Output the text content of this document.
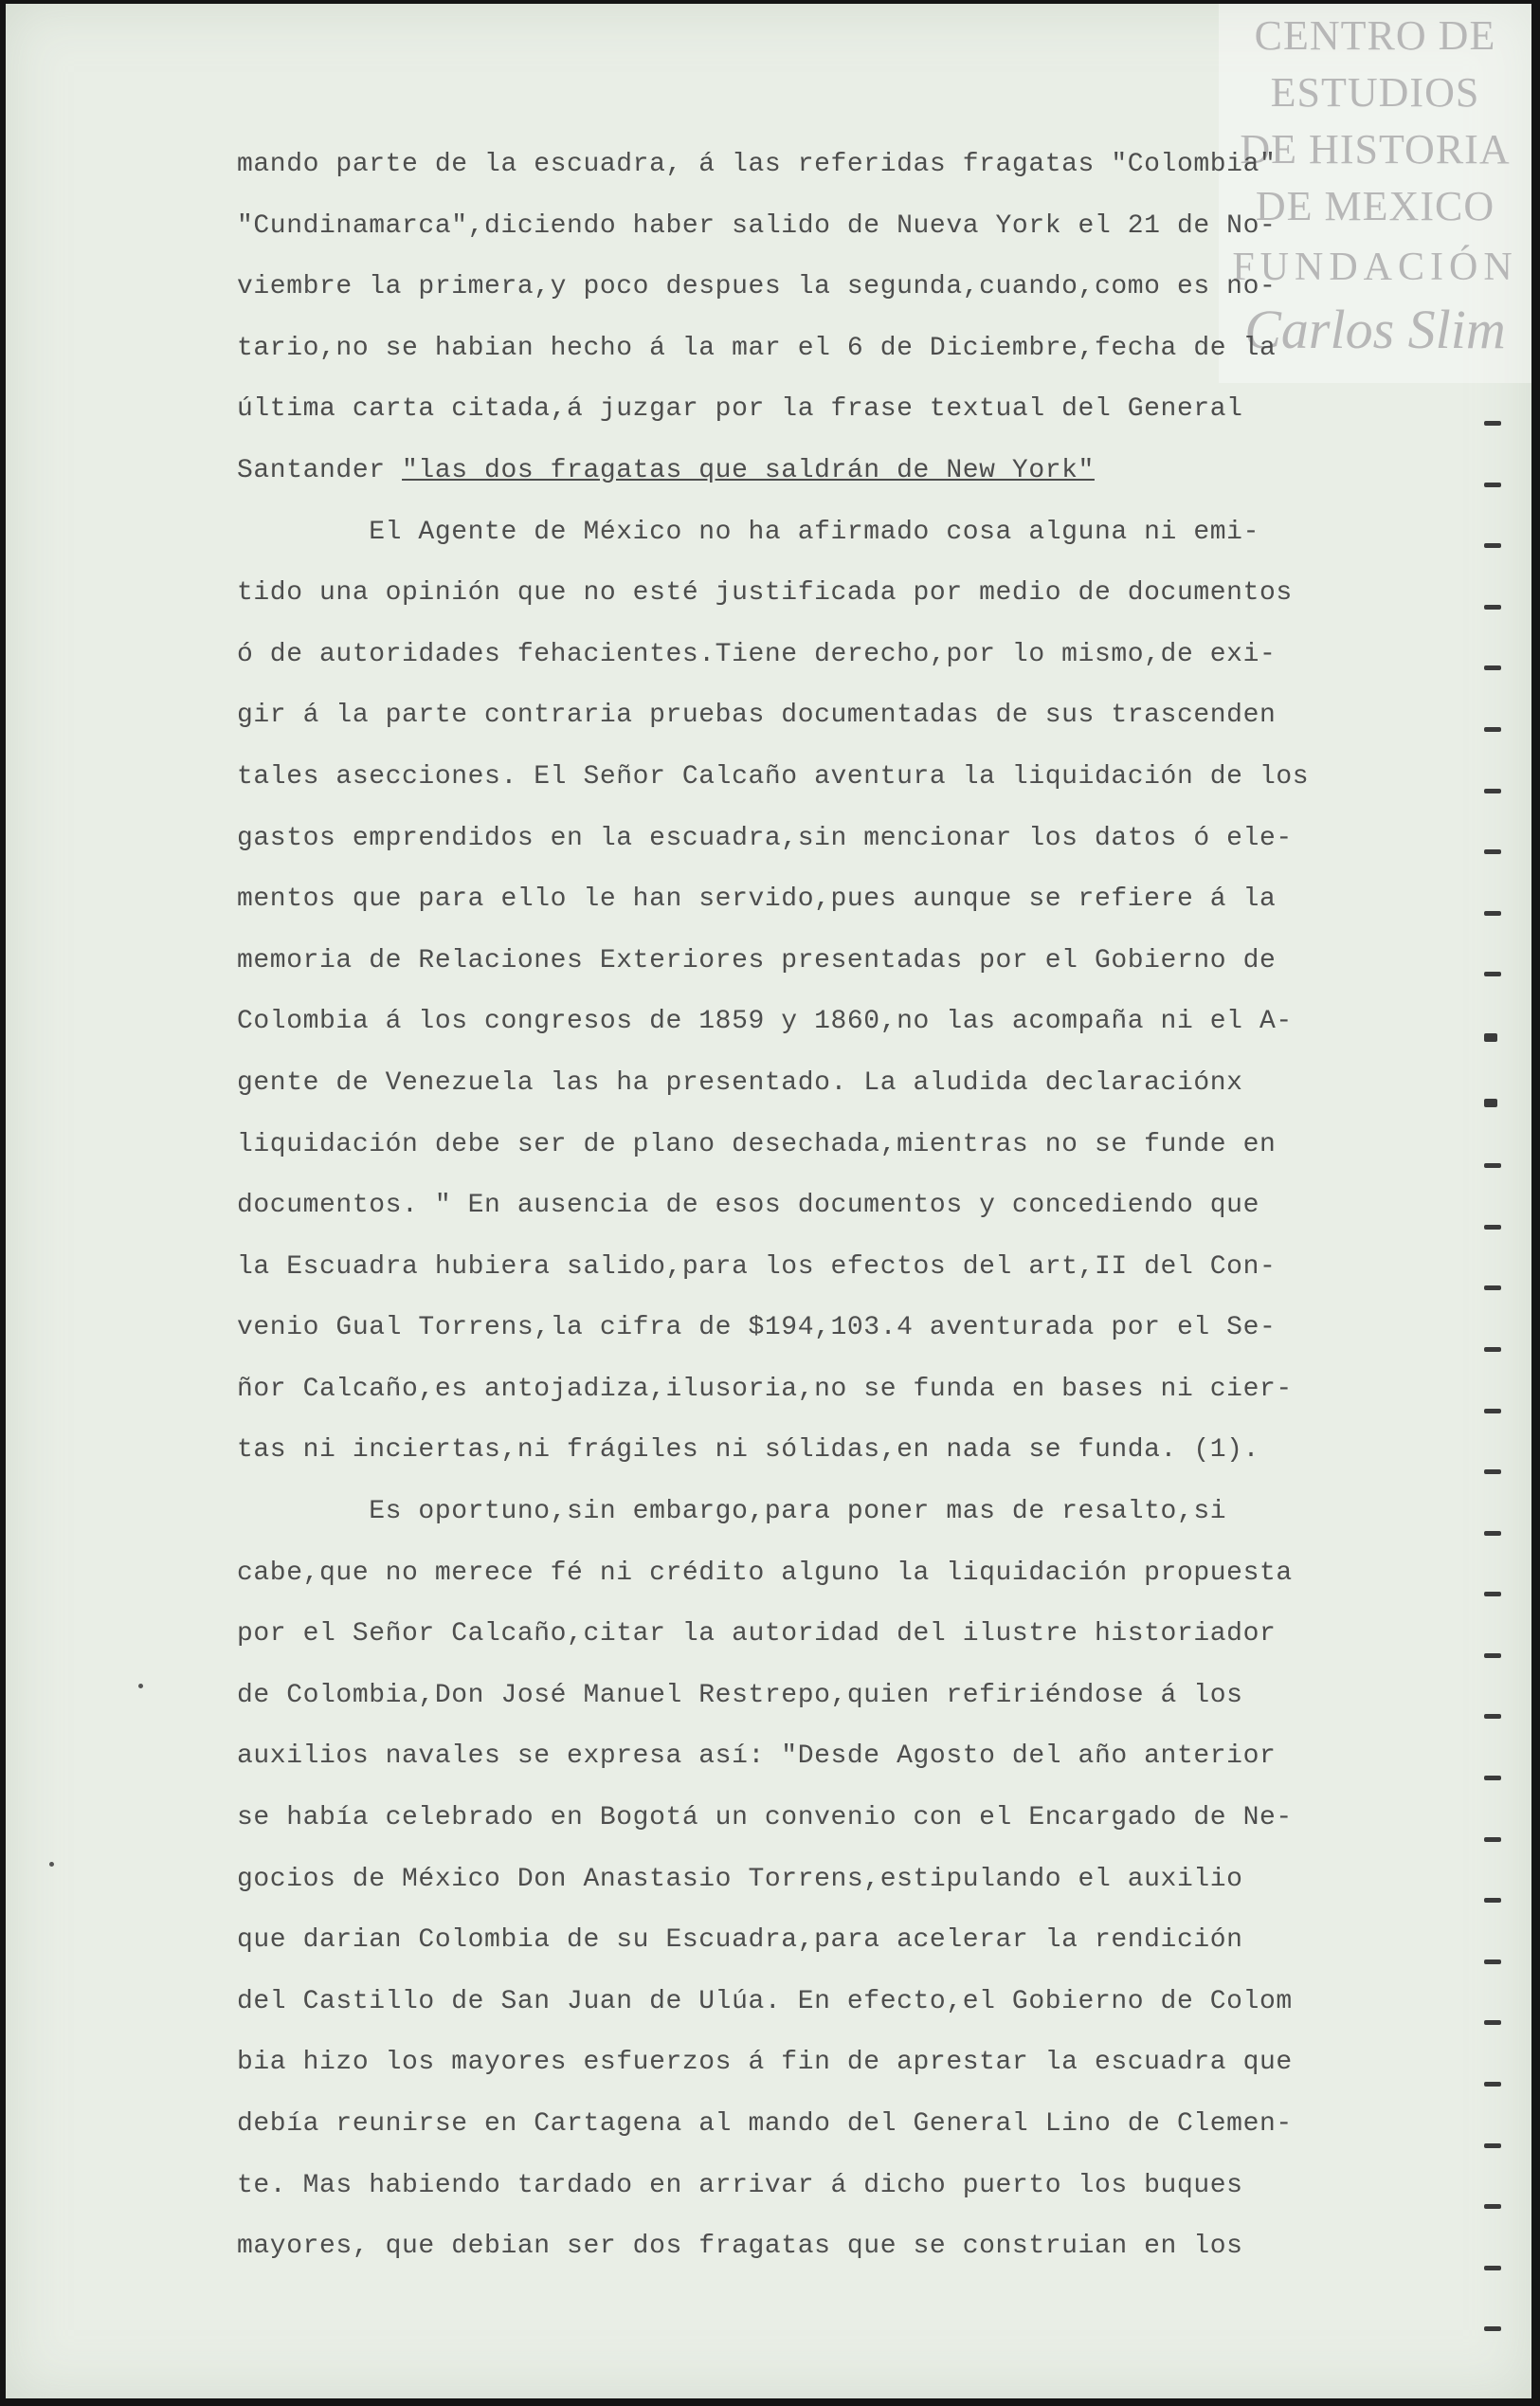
CENTRO DE
ESTUDIOS
DE HISTORIA
DE MEXICO
FUNDACIÓN
Carlos Slim
mando parte de la escuadra, á las referidas fragatas "Colombia"
"Cundinamarca",diciendo haber salido de Nueva York el 21 de No-
viembre la primera,y poco despues la segunda,cuando,como es no-
tario,no se habian hecho á la mar el 6 de Diciembre,fecha de la
última carta citada,á juzgar por la frase textual del General
Santander "las dos fragatas que saldrán de New York"
El Agente de México no ha afirmado cosa alguna ni emi-
tido una opinión que no esté justificada por medio de documentos
ó de autoridades fehacientes.Tiene derecho,por lo mismo,de exi-
gir á la parte contraria pruebas documentadas de sus trascenden
tales asecciones. El Señor Calcaño aventura la liquidación de los
gastos emprendidos en la escuadra,sin mencionar los datos ó ele-
mentos que para ello le han servido,pues aunque se refiere á la
memoria de Relaciones Exteriores presentadas por el Gobierno de
Colombia á los congresos de 1859 y 1860,no las acompaña ni el A-
gente de Venezuela las ha presentado. La aludida declaraciónx
liquidación debe ser de plano desechada,mientras no se funde en
documentos. " En ausencia de esos documentos y concediendo que
la Escuadra hubiera salido,para los efectos del art,II del Con-
venio Gual Torrens,la cifra de $194,103.4 aventurada por el Se-
ñor Calcaño,es antojadiza,ilusoria,no se funda en bases ni cier-
tas ni inciertas,ni frágiles ni sólidas,en nada se funda. (1).
Es oportuno,sin embargo,para poner mas de resalto,si
cabe,que no merece fé ni crédito alguno la liquidación propuesta
por el Señor Calcaño,citar la autoridad del ilustre historiador
de Colombia,Don José Manuel Restrepo,quien refiriéndose á los
auxilios navales se expresa así: "Desde Agosto del año anterior
se había celebrado en Bogotá un convenio con el Encargado de Ne-
gocios de México Don Anastasio Torrens,estipulando el auxilio
que darian Colombia de su Escuadra,para acelerar la rendición
del Castillo de San Juan de Ulúa. En efecto,el Gobierno de Colom
bia hizo los mayores esfuerzos á fin de aprestar la escuadra que
debía reunirse en Cartagena al mando del General Lino de Clemen-
te. Mas habiendo tardado en arrivar á dicho puerto los buques
mayores, que debian ser dos fragatas que se construian en los
